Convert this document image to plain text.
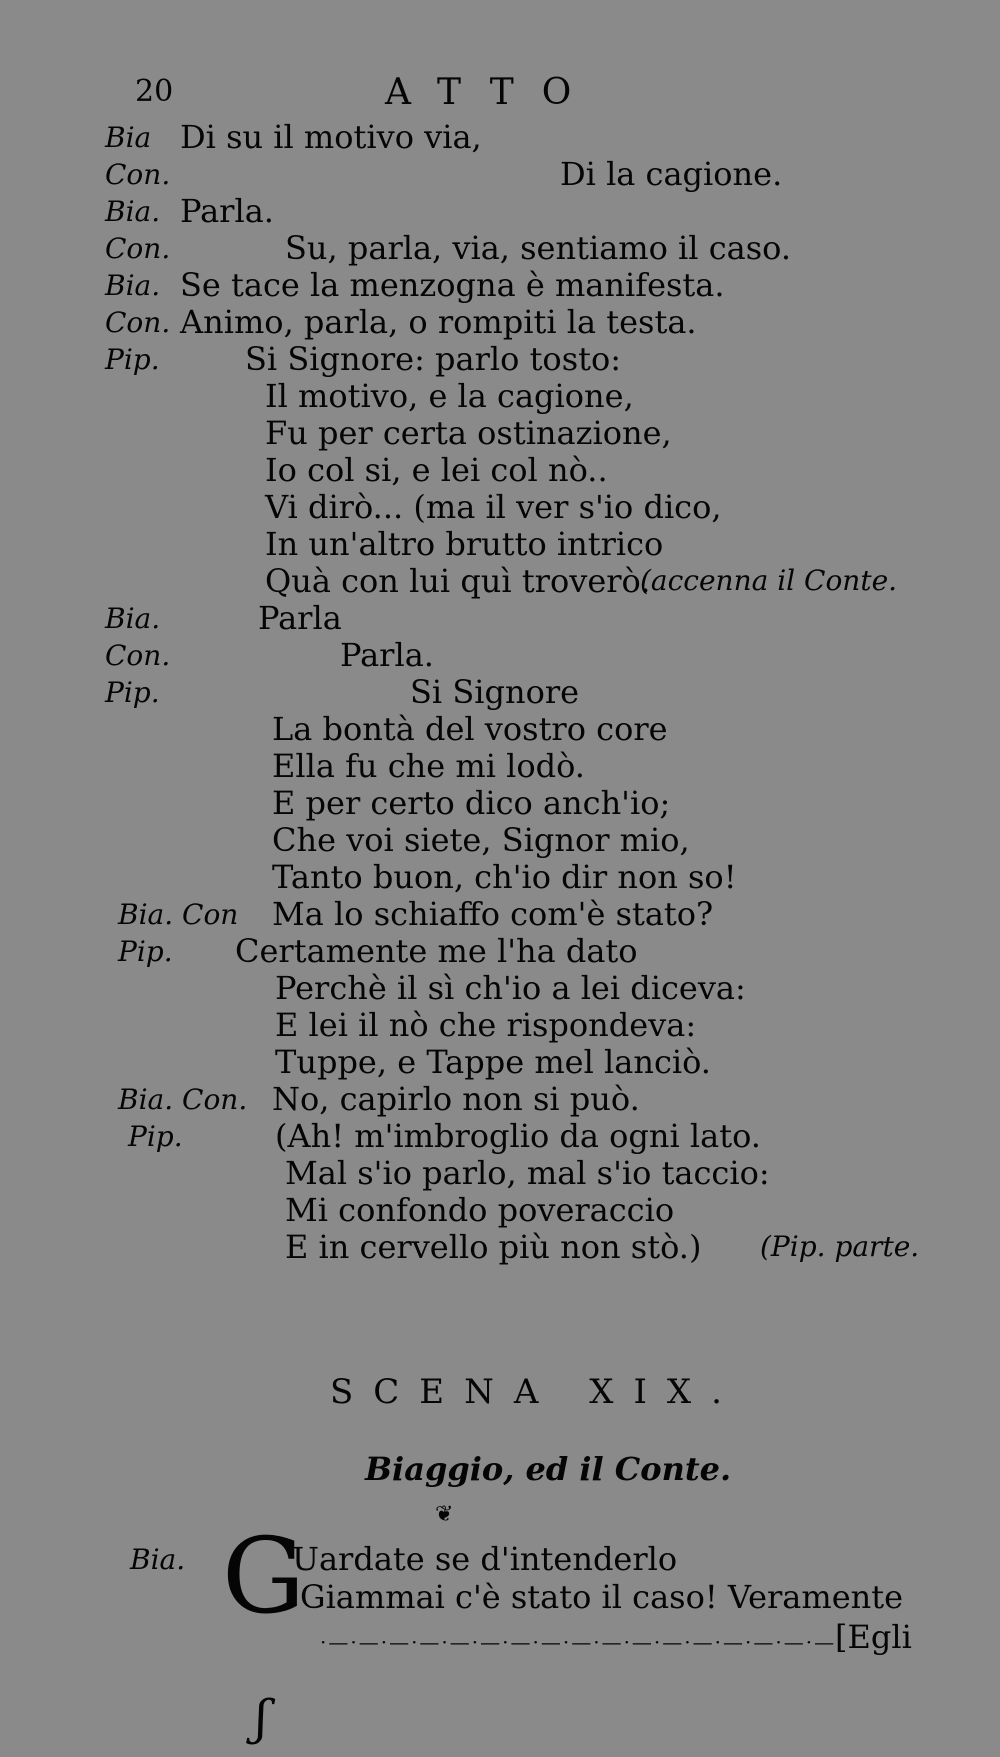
20	ATTO
Bia Di su il motivo via,
Con.	Di la cagione.
Bia. Parla.
Con.	Su, parla, via, sentiamo il caso.
Bia. Se tace la menzogna è manifesta.
Con. Animo, parla, o rompiti la testa.
Pip.	Si Signore: parlo tosto:
Il motivo, e la cagione,
Fu per certa ostinazione,
Io col si, e lei col nò..
Vi dirò... (ma il ver s'io dico,
In un'altro brutto intrico
Quà con lui quì troverò.
(accenna il Conte.
Bia.	Parla
Con.	Parla.
Pip.	Si Signore
La bontà del vostro core
Ella fu che mi lodò.
E per certo dico anch'io;
Che voi siete, Signor mio,
Tanto buon, ch'io dir non so!
Bia. Con Ma lo schiaffo com'è stato?
Pip. Certamente me l'ha dato
Perchè il sì ch'io a lei diceva:
E lei il nò che rispondeva:
Tuppe, e Tappe mel lanciò.
Bia. Con. No, capirlo non si può.
Pip.	(Ah! m'imbroglio da ogni lato.
Mal s'io parlo, mal s'io taccio:
Mi confondo poveraccio
E in cervello più non stò.) (Pip. parte.
SCENA XIX.
Biaggio, ed il Conte.
❦
G
Bia.	Uardate se d'intenderlo
Giammai c'è stato il caso! Veramente
·—·—·—·—·—·—·—·—·—·—·—·—·—·—·—·—·—·
[Egli
ʃ
